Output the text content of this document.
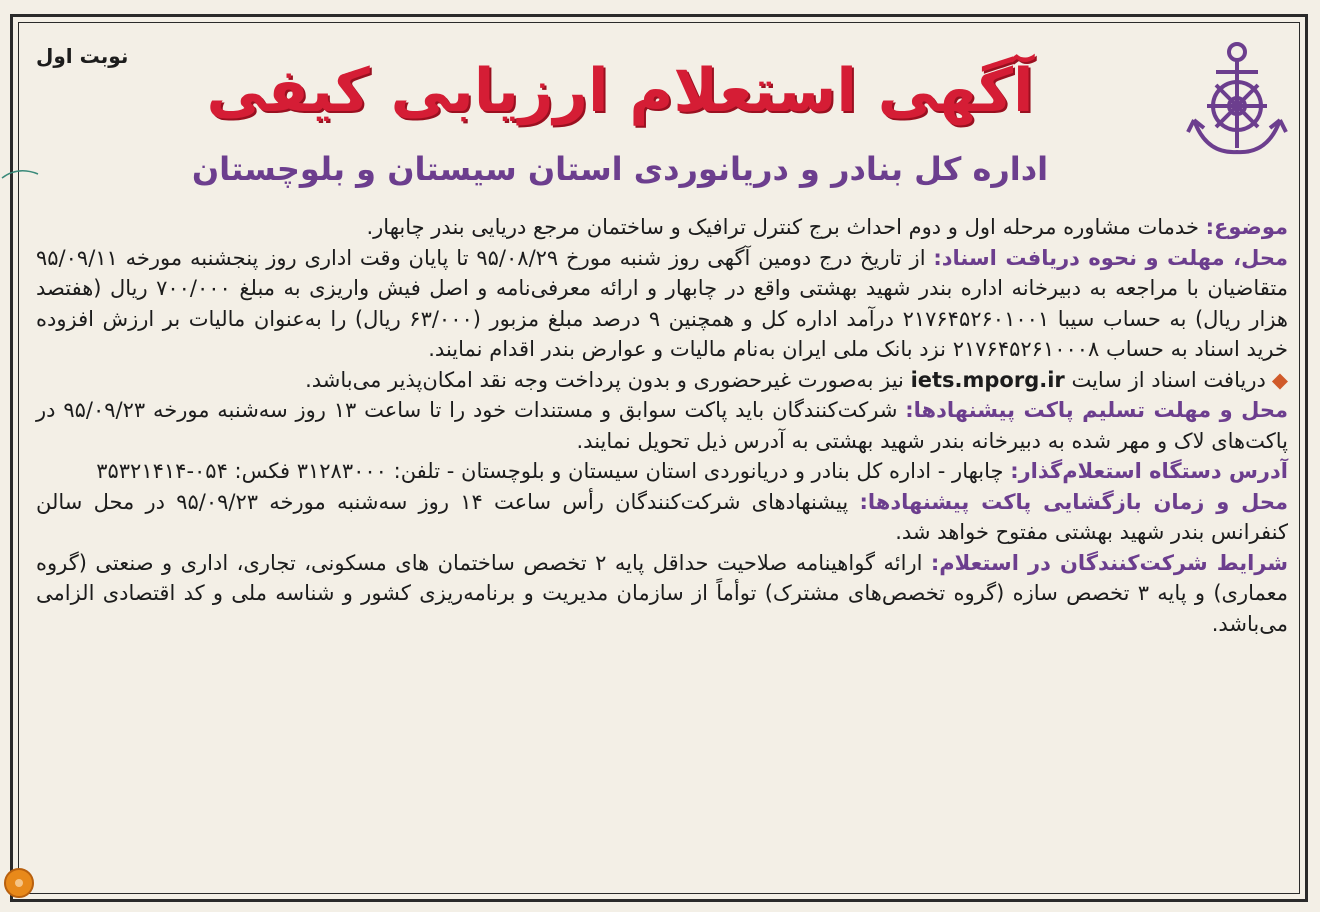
نوبت اول	آگهی استعلام ارزیابی کیفی
اداره کل بنادر و دریانوردی استان سیستان و بلوچستان

موضوع: خدمات مشاوره مرحله اول و دوم احداث برج کنترل ترافیک و ساختمان مرجع دریایی بندر چابهار.

محل، مهلت و نحوه دریافت اسناد: از تاریخ درج دومین آگهی روز شنبه مورخ ۹۵/۰۸/۲۹ تا پایان وقت اداری روز پنجشنبه مورخه ۹۵/۰۹/۱۱ متقاضیان با مراجعه به دبیرخانه اداره بندر شهید بهشتی واقع در چابهار و ارائه معرفی‌نامه و اصل فیش واریزی به مبلغ ۷۰۰/۰۰۰ ریال (هفتصد هزار ریال) به حساب سیبا ۲۱۷۶۴۵۲۶۰۱۰۰۱ درآمد اداره کل و همچنین ۹ درصد مبلغ مزبور (۶۳/۰۰۰ ریال) را به‌عنوان مالیات بر ارزش افزوده خرید اسناد به حساب ۲۱۷۶۴۵۲۶۱۰۰۰۸ نزد بانک ملی ایران به‌نام مالیات و عوارض بندر اقدام نمایند.

◆دریافت اسناد از سایت iets.mporg.ir نیز به‌صورت غیرحضوری و بدون پرداخت وجه نقد امکان‌پذیر می‌باشد.

محل و مهلت تسلیم پاکت پیشنهادها: شرکت‌کنندگان باید پاکت سوابق و مستندات خود را تا ساعت ۱۳ روز سه‌شنبه مورخه ۹۵/۰۹/۲۳ در پاکت‌های لاک و مهر شده به دبیرخانه بندر شهید بهشتی به آدرس ذیل تحویل نمایند.

آدرس دستگاه استعلام‌گذار: چابهار - اداره کل بنادر و دریانوردی استان سیستان و بلوچستان - تلفن: ۳۱۲۸۳۰۰۰ فکس: ۰۵۴-۳۵۳۲۱۴۱۴

محل و زمان بازگشایی پاکت پیشنهادها: پیشنهادهای شرکت‌کنندگان رأس ساعت ۱۴ روز سه‌شنبه مورخه ۹۵/۰۹/۲۳ در محل سالن کنفرانس بندر شهید بهشتی مفتوح خواهد شد.

شرایط شرکت‌کنندگان در استعلام: ارائه گواهینامه صلاحیت حداقل پایه ۲ تخصص ساختمان های مسکونی، تجاری، اداری و صنعتی (گروه معماری) و پایه ۳ تخصص سازه (گروه تخصص‌های مشترک) توأماً از سازمان مدیریت و برنامه‌ریزی کشور و شناسه ملی و کد اقتصادی الزامی می‌باشد.
